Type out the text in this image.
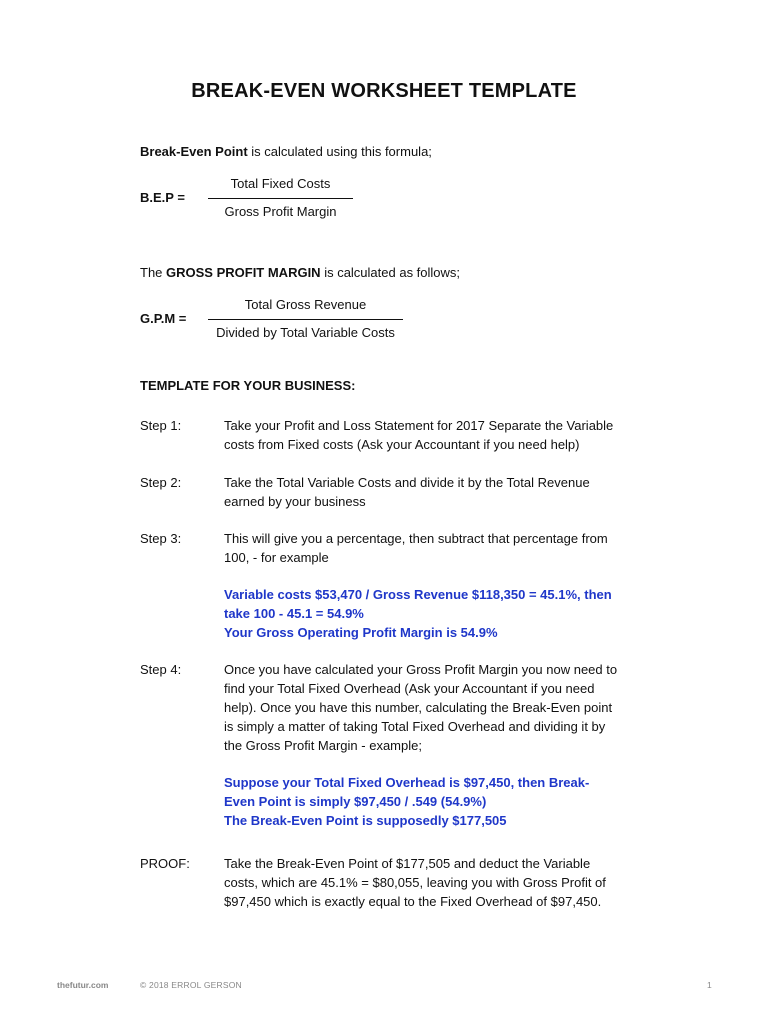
BREAK-EVEN WORKSHEET TEMPLATE

Break-Even Point is calculated using this formula;

B.E.P =
Total Fixed Costs
Gross Profit Margin

The GROSS PROFIT MARGIN is calculated as follows;

G.P.M =
Total Gross Revenue
Divided by Total Variable Costs

TEMPLATE FOR YOUR BUSINESS:

Step 1:	Take your Profit and Loss Statement for 2017 Separate the Variable costs from Fixed costs (Ask your Accountant if you need help)

Step 2:	Take the Total Variable Costs and divide it by the Total Revenue earned by your business

Step 3:	This will give you a percentage, then subtract that percentage from 100, - for example

Variable costs $53,470 / Gross Revenue $118,350 = 45.1%, then take 100 - 45.1 = 54.9%

Your Gross Operating Profit Margin is 54.9%

Step 4:	Once you have calculated your Gross Profit Margin you now need to find your Total Fixed Overhead (Ask your Accountant if you need help). Once you have this number, calculating the Break-Even point is simply a matter of taking Total Fixed Overhead and dividing it by the Gross Profit Margin - example;

Suppose your Total Fixed Overhead is $97,450, then Break-Even Point is simply $97,450 / .549 (54.9%)

The Break-Even Point is supposedly $177,505

PROOF:	Take the Break-Even Point of $177,505 and deduct the Variable costs, which are 45.1% = $80,055, leaving you with Gross Profit of $97,450 which is exactly equal to the Fixed Overhead of $97,450.

thefutur.com	© 2018 ERROL GERSON	1
